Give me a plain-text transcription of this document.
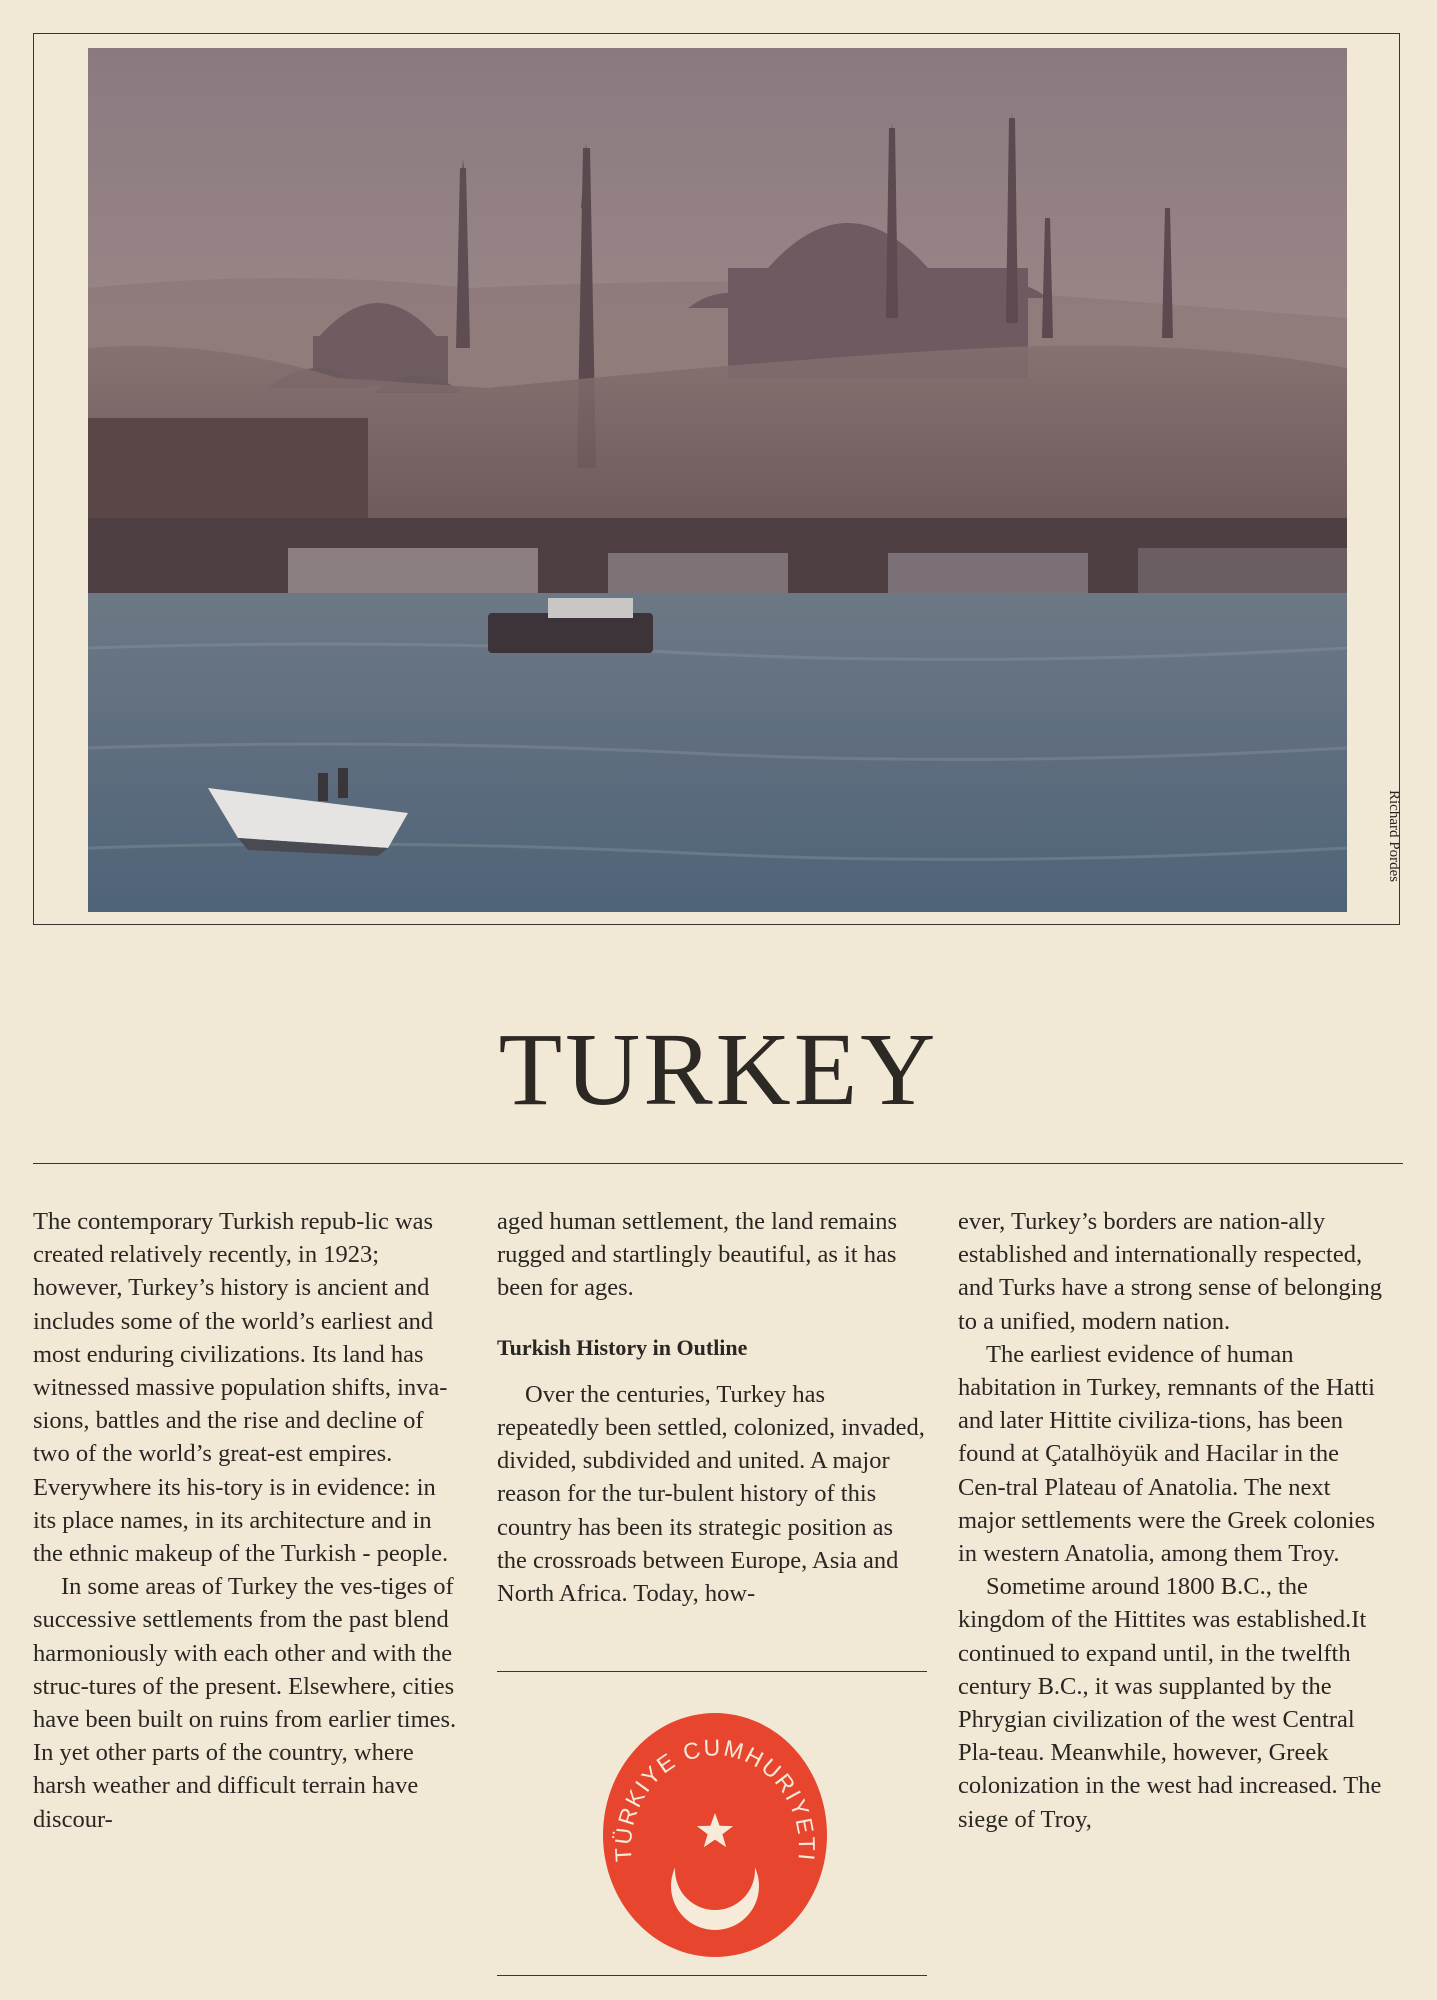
Richard Pordes
TURKEY

The contemporary Turkish repub-lic was created relatively recently, in 1923; however, Turkey’s history is ancient and includes some of the world’s earliest and most enduring civilizations. Its land has witnessed massive population shifts, inva-sions, battles and the rise and decline of two of the world’s great-est empires. Everywhere its his-tory is in evidence: in its place names, in its architecture and in the ethnic makeup of the Turkish - people.

In some areas of Turkey the ves-tiges of successive settlements from the past blend harmoniously with each other and with the struc-tures of the present. Elsewhere, cities have been built on ruins from earlier times. In yet other parts of the country, where harsh weather and difficult terrain have discour-

aged human settlement, the land remains rugged and startlingly beautiful, as it has been for ages.

Turkish History in Outline

Over the centuries, Turkey has repeatedly been settled, colonized, invaded, divided, subdivided and united. A major reason for the tur-bulent history of this country has been its strategic position as the crossroads between Europe, Asia and North Africa. Today, how-

TÜRKIYE CUMHURIYETI

ever, Turkey’s borders are nation-ally established and internationally respected, and Turks have a strong sense of belonging to a unified, modern nation.

The earliest evidence of human habitation in Turkey, remnants of the Hatti and later Hittite civiliza-tions, has been found at Çatalhöyük and Hacilar in the Cen-tral Plateau of Anatolia. The next major settlements were the Greek colonies in western Anatolia, among them Troy.

Sometime around 1800 B.C., the kingdom of the Hittites was established.It continued to expand until, in the twelfth century B.C., it was supplanted by the Phrygian civilization of the west Central Pla-teau. Meanwhile, however, Greek colonization in the west had increased. The siege of Troy,
